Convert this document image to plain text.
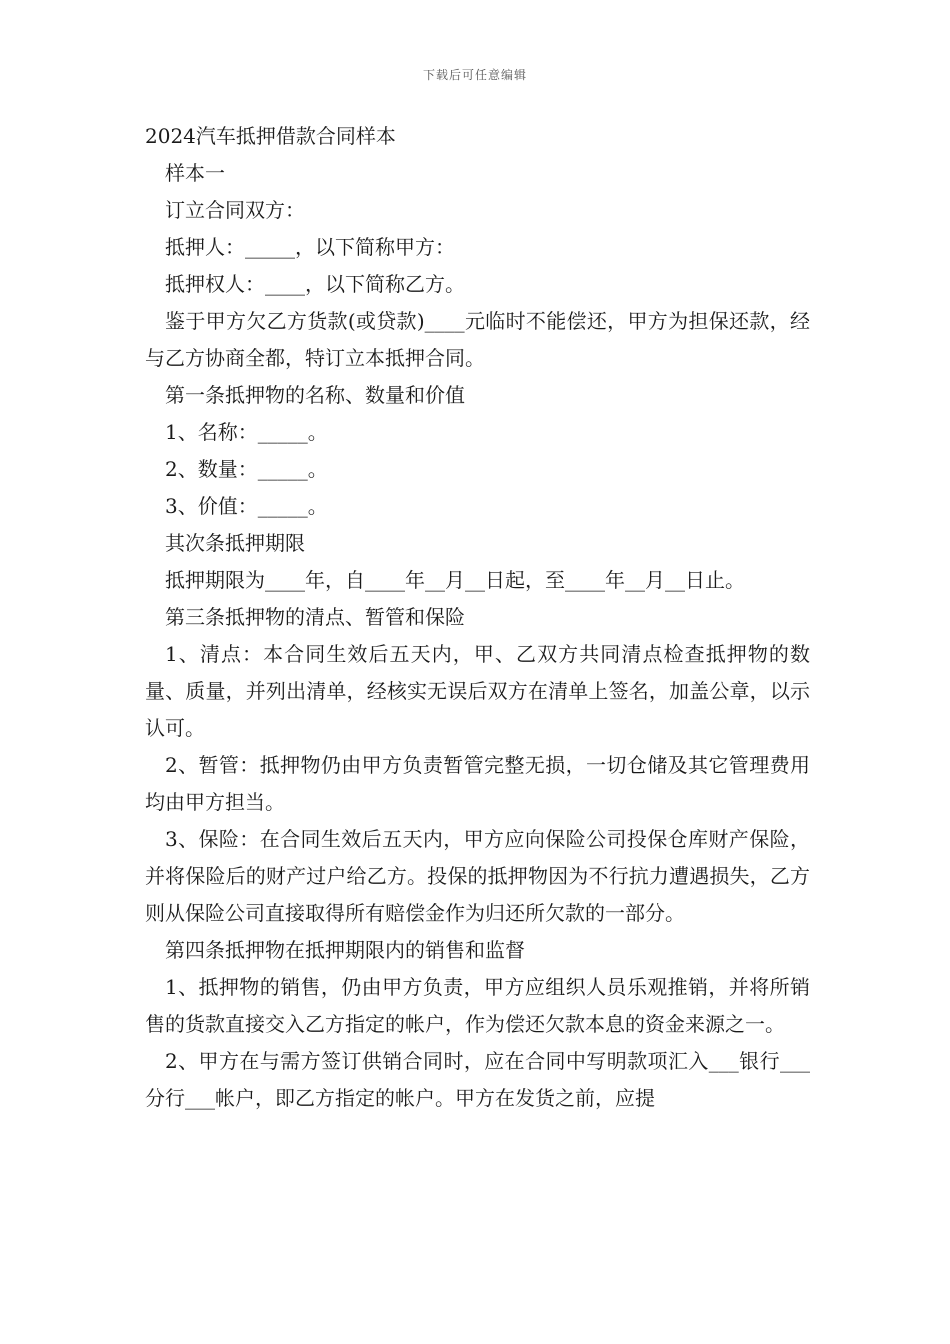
下载后可任意编辑

2024汽车抵押借款合同样本

样本一

订立合同双方：

抵押人：_____，以下简称甲方：

抵押权人：____，以下简称乙方。

鉴于甲方欠乙方货款(或贷款)____元临时不能偿还，甲方为担保还款，经与乙方协商全都，特订立本抵押合同。

第一条抵押物的名称、数量和价值

1、名称：_____。

2、数量：_____。

3、价值：_____。

其次条抵押期限

抵押期限为____年，自____年__月__日起，至____年__月__日止。

第三条抵押物的清点、暂管和保险

1、清点：本合同生效后五天内，甲、乙双方共同清点检查抵押物的数量、质量，并列出清单，经核实无误后双方在清单上签名，加盖公章，以示认可。

2、暂管：抵押物仍由甲方负责暂管完整无损，一切仓储及其它管理费用均由甲方担当。

3、保险：在合同生效后五天内，甲方应向保险公司投保仓库财产保险，并将保险后的财产过户给乙方。投保的抵押物因为不行抗力遭遇损失，乙方则从保险公司直接取得所有赔偿金作为归还所欠款的一部分。

第四条抵押物在抵押期限内的销售和监督

1、抵押物的销售，仍由甲方负责，甲方应组织人员乐观推销，并将所销售的货款直接交入乙方指定的帐户，作为偿还欠款本息的资金来源之一。

2、甲方在与需方签订供销合同时，应在合同中写明款项汇入___银行___分行___帐户，即乙方指定的帐户。甲方在发货之前，应提
